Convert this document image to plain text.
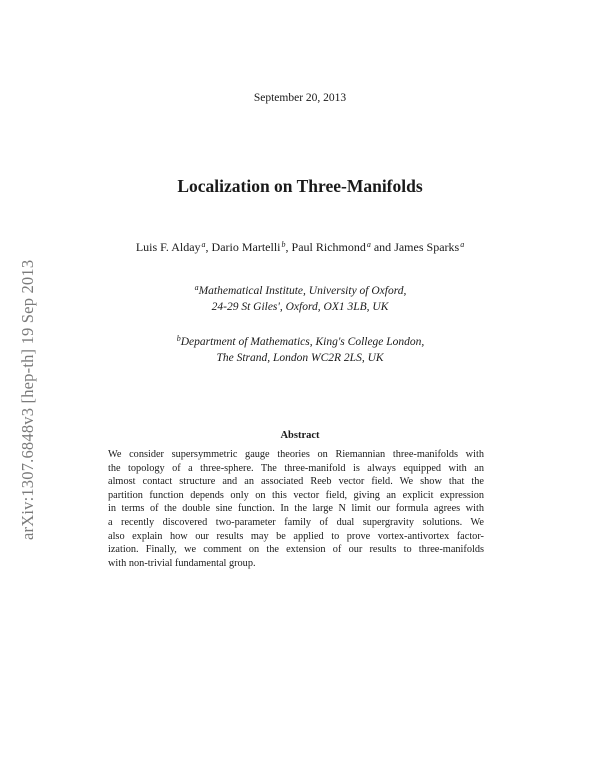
September 20, 2013
Localization on Three-Manifolds
Luis F. Alday$^a$, Dario Martelli$^b$, Paul Richmond$^a$ and James Sparks$^a$
$^a$Mathematical Institute, University of Oxford,
24-29 St Giles', Oxford, OX1 3LB, UK
$^b$Department of Mathematics, King's College London,
The Strand, London WC2R 2LS, UK
Abstract
We consider supersymmetric gauge theories on Riemannian three-manifolds with
the topology of a three-sphere. The three-manifold is always equipped with an
almost contact structure and an associated Reeb vector field. We show that the
partition function depends only on this vector field, giving an explicit expression
in terms of the double sine function. In the large N limit our formula agrees with
a recently discovered two-parameter family of dual supergravity solutions. We
also explain how our results may be applied to prove vortex-antivortex factor-
ization. Finally, we comment on the extension of our results to three-manifolds
with non-trivial fundamental group.
arXiv:1307.6848v3 [hep-th] 19 Sep 2013
